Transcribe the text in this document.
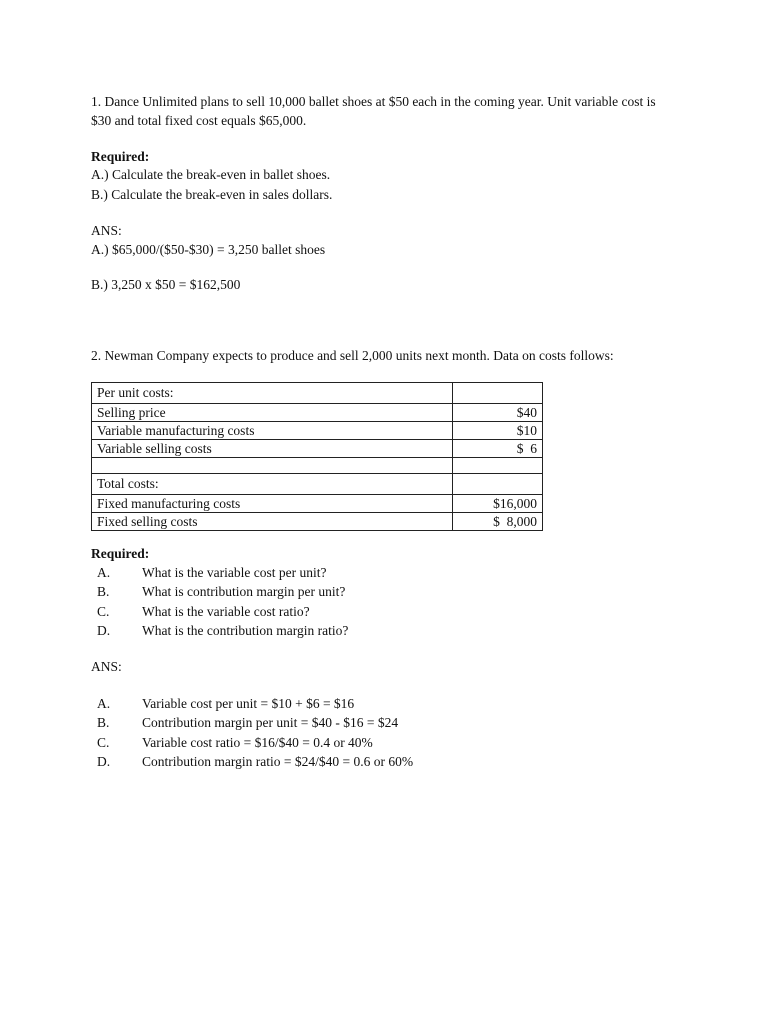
1. Dance Unlimited plans to sell 10,000 ballet shoes at $50 each in the coming year. Unit variable cost is
$30 and total fixed cost equals $65,000.
Required:
A.) Calculate the break-even in ballet shoes.
B.) Calculate the break-even in sales dollars.
ANS:
A.) $65,000/($50-$30) = 3,250 ballet shoes
B.) 3,250 x $50 = $162,500
2. Newman Company expects to produce and sell 2,000 units next month. Data on costs follows:
Per unit costs:	
Selling price	$40
Variable manufacturing costs	$10
Variable selling costs	$  6

Total costs:	
Fixed manufacturing costs	$16,000
Fixed selling costs	$  8,000
Required:
A.	What is the variable cost per unit?
B.	What is contribution margin per unit?
C.	What is the variable cost ratio?
D.	What is the contribution margin ratio?
ANS:
A.	Variable cost per unit = $10 + $6 = $16
B.	Contribution margin per unit = $40 - $16 = $24
C.	Variable cost ratio = $16/$40 = 0.4 or 40%
D.	Contribution margin ratio = $24/$40 = 0.6 or 60%
